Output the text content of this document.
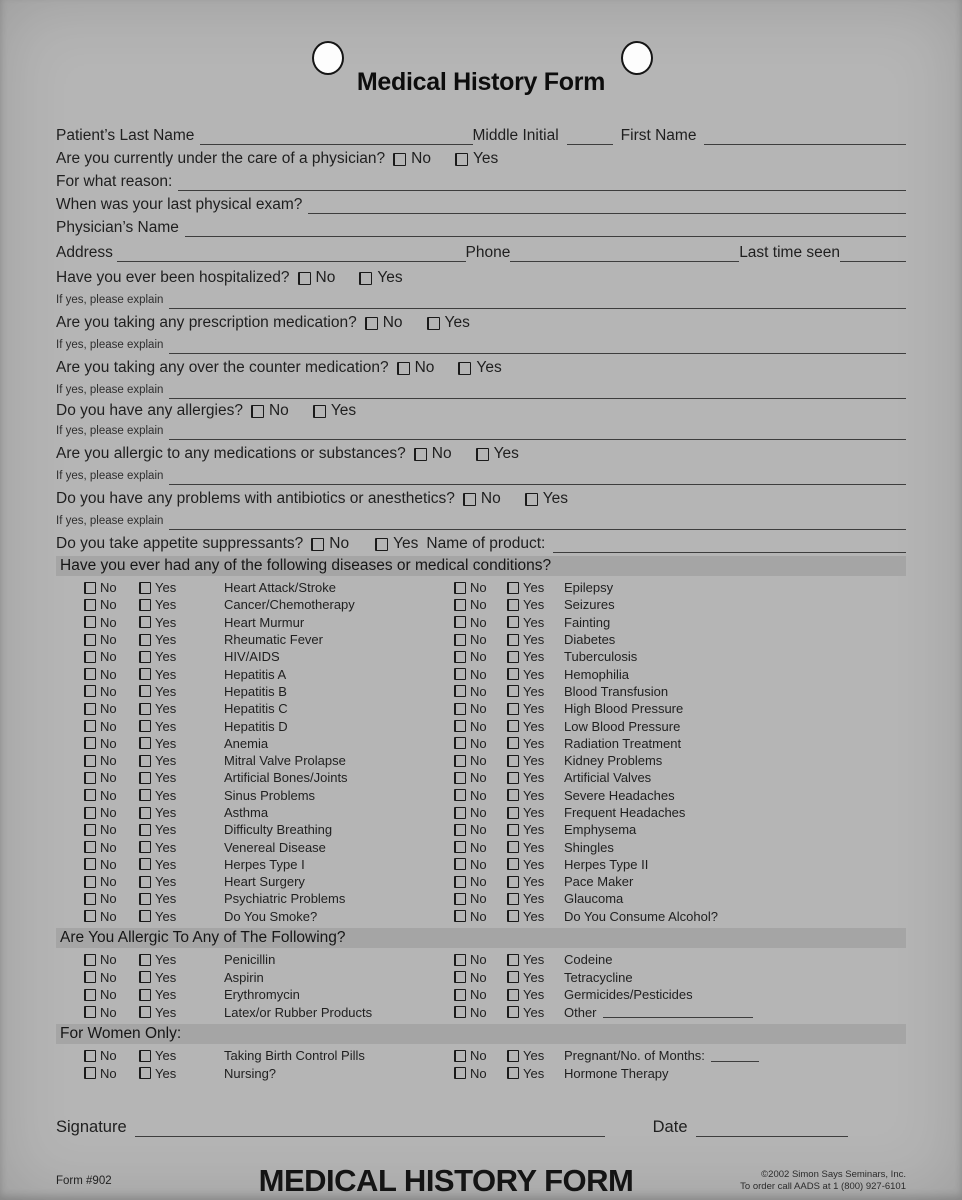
Medical History Form
Patient’s Last Name	Middle Initial	First Name
Are you currently under the care of a physician? No	Yes
For what reason:
When was your last physical exam?
Physician’s Name
Address	Phone	Last time seen
Have you ever been hospitalized? No	Yes
If yes, please explain
Are you taking any prescription medication? No	Yes
If yes, please explain
Are you taking any over the counter medication? No	Yes
If yes, please explain
Do you have any allergies? No	Yes
If yes, please explain
Are you allergic to any medications or substances? No	Yes
If yes, please explain
Do you have any problems with antibiotics or anesthetics? No	Yes
If yes, please explain
Do you take appetite suppressants? No	Yes Name of product:
Have you ever had any of the following diseases or medical conditions?
No	Yes	Heart Attack/Stroke	No	Yes Epilepsy
No	Yes	Cancer/Chemotherapy	No	Yes Seizures
No	Yes	Heart Murmur	No	Yes Fainting
No	Yes	Rheumatic Fever	No	Yes Diabetes
No	Yes	HIV/AIDS	No	Yes Tuberculosis
No	Yes	Hepatitis A	No	Yes Hemophilia
No	Yes	Hepatitis B	No	Yes Blood Transfusion
No	Yes	Hepatitis C	No	Yes High Blood Pressure
No	Yes	Hepatitis D	No	Yes Low Blood Pressure
No	Yes	Anemia	No	Yes Radiation Treatment
No	Yes	Mitral Valve Prolapse	No	Yes Kidney Problems
No	Yes	Artificial Bones/Joints	No	Yes Artificial Valves
No	Yes	Sinus Problems	No	Yes Severe Headaches
No	Yes	Asthma	No	Yes Frequent Headaches
No	Yes	Difficulty Breathing	No	Yes Emphysema
No	Yes	Venereal Disease	No	Yes Shingles
No	Yes	Herpes Type I	No	Yes Herpes Type II
No	Yes	Heart Surgery	No	Yes Pace Maker
No	Yes	Psychiatric Problems	No	Yes Glaucoma
No	Yes	Do You Smoke?	No	Yes Do You Consume Alcohol?
Are You Allergic To Any of The Following?
No	Yes	Penicillin	No	Yes Codeine
No	Yes	Aspirin	No	Yes Tetracycline
No	Yes	Erythromycin	No	Yes Germicides/Pesticides
No	Yes	Latex/or Rubber Products	No	Yes Other
For Women Only:
No	Yes	Taking Birth Control Pills	No	Yes Pregnant/No. of Months:
No	Yes	Nursing?	No	Yes Hormone Therapy
Signature	Date
Form #902	MEDICAL HISTORY FORM	©2002 Simon Says Seminars, Inc.
To order call AADS at 1 (800) 927-6101
